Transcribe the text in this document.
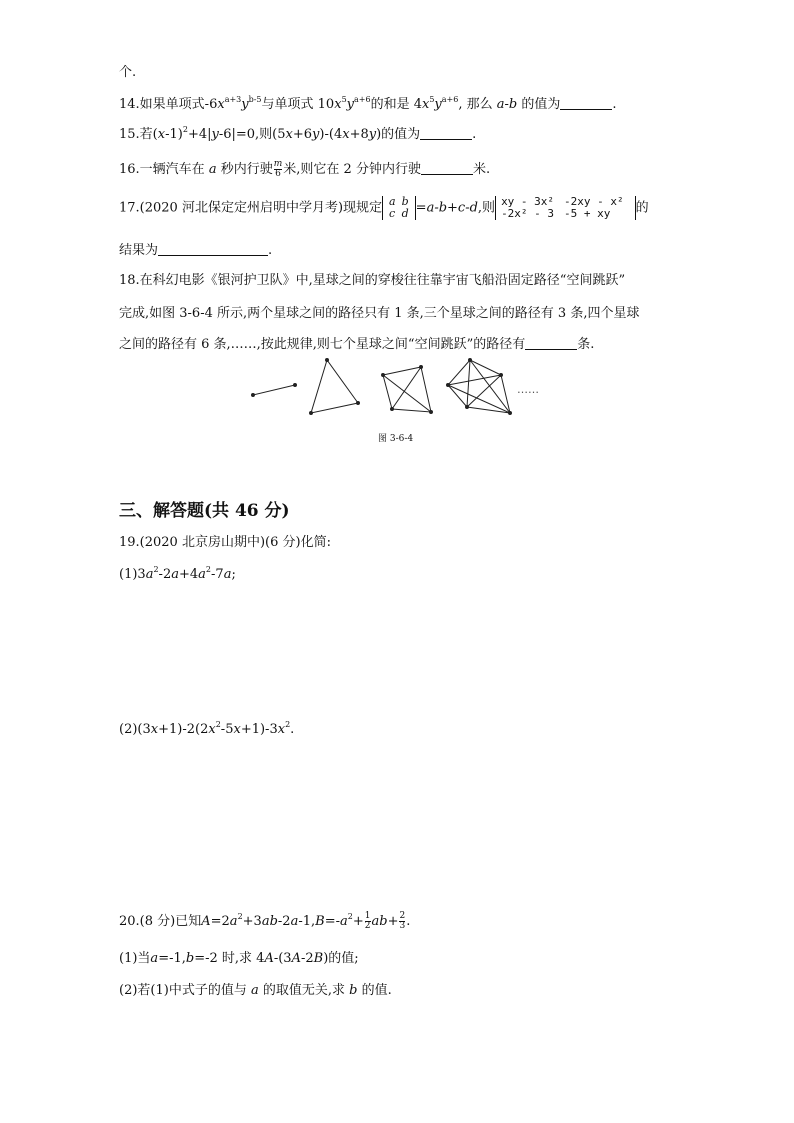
个.
14.如果单项式$-6x^{a+3}y^{b-5}$与单项式 $10x^5y^{a+6}$的和是 $4x^5y^{a+6}$, 那么 a-b 的值为	.
15.若$(x-1)^2+4|y-6|=0$,则(5x+6y)-(4x+8y)的值为	.
16.一辆汽车在 a 秒内行驶 $\frac{m}{6}$ 米,则它在 2 分钟内行驶	米.
17.(2020 河北保定定州启明中学月考)现规定 a	b
c	d =a-b+c-d,则 xy - 3x²	-2xy - x²
-2x² - 3	-5 + xy 的
结果为	.
18.在科幻电影《银河护卫队》中,星球之间的穿梭往往靠宇宙飞船沿固定路径“空间跳跃”
完成,如图 3-6-4 所示,两个星球之间的路径只有 1 条,三个星球之间的路径有 3 条,四个星球
之间的路径有 6 条,……,按此规律,则七个星球之间“空间跳跃”的路径有	条.
……
图 3-6-4
三、解答题(共 46 分)
19.(2020 北京房山期中)(6 分)化简:
$(1)3a^2-2a+4a^2-7a$;
$(2)(3x+1)-2(2x^2-5x+1)-3x^2$.
20.(8 分)已知$A=2a^2+3ab-2a-1,B=-a^2+ \frac{1}{2} ab+ \frac{2}{3}$ .
(1)当a=-1,b=-2 时,求 4A-(3A-2B)的值;
(2)若(1)中式子的值与 a 的取值无关,求 b 的值.
